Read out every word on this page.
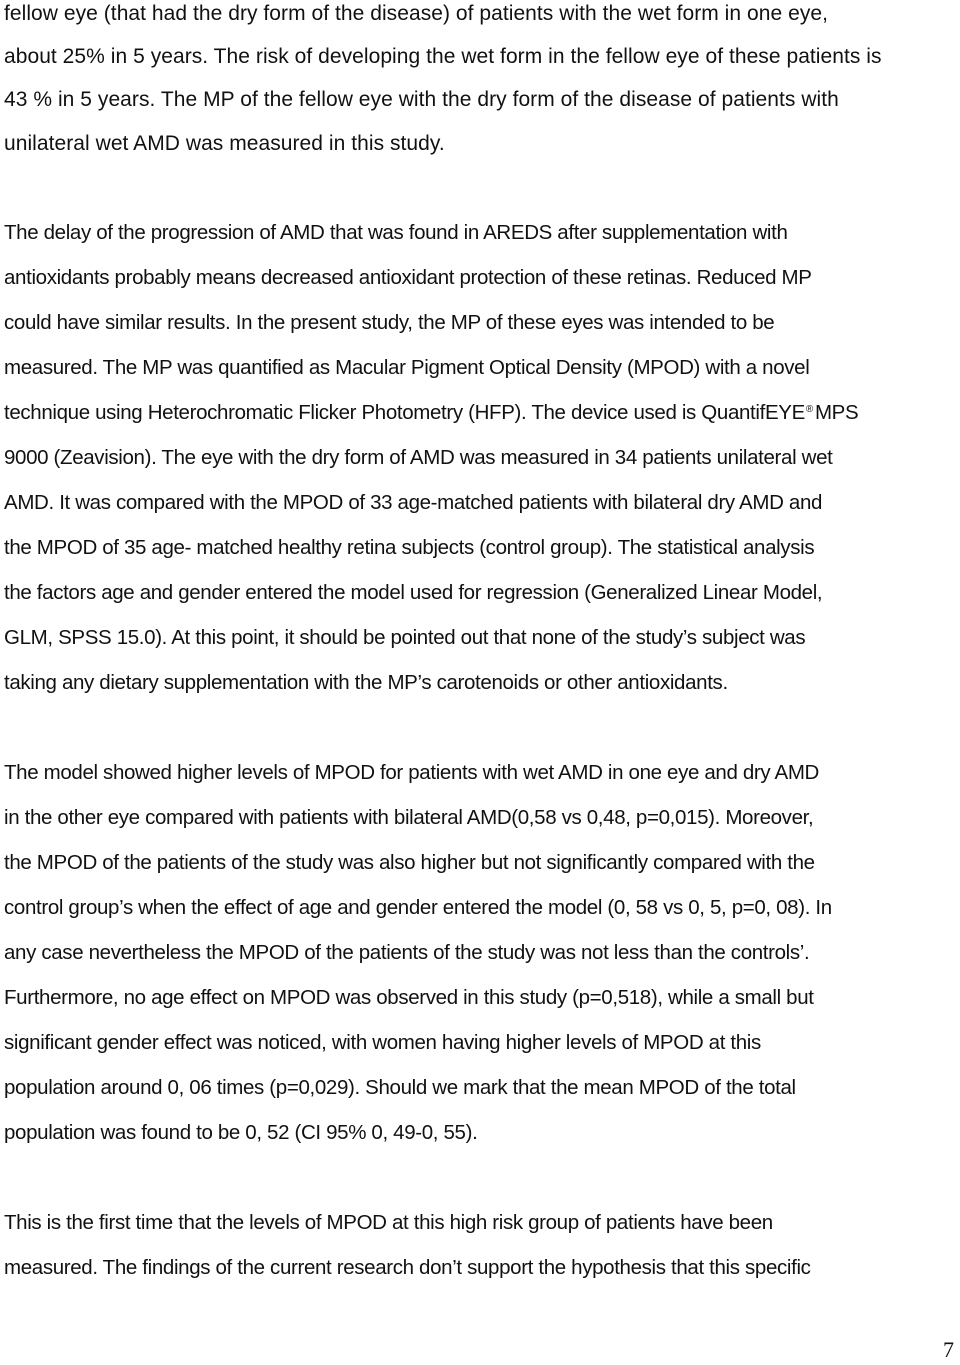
fellow eye (that had the dry form of the disease) of patients with the wet form in one eye,
about 25% in 5 years. The risk of developing the wet form in the fellow eye of these patients is
43 % in 5 years. The MP of the fellow eye with the dry form of the disease of patients with
unilateral wet AMD was measured in this study.
The delay of the progression of AMD that was found in AREDS after supplementation with
antioxidants probably means decreased antioxidant protection of these retinas. Reduced MP
could have similar results. In the present study, the MP of these eyes was intended to be
measured. The MP was quantified as Macular Pigment Optical Density (MPOD) with a novel
technique using Heterochromatic Flicker Photometry (HFP). The device used is QuantifEYE®MPS
9000 (Zeavision). The eye with the dry form of AMD was measured in 34 patients unilateral wet
AMD. It was compared with the MPOD of 33 age-matched patients with bilateral dry AMD and
the MPOD of 35 age- matched healthy retina subjects (control group). The statistical analysis
the factors age and gender entered the model used for regression (Generalized Linear Model,
GLM, SPSS 15.0). At this point, it should be pointed out that none of the study’s subject was
taking any dietary supplementation with the MP’s carotenoids or other antioxidants.
The model showed higher levels of MPOD for patients with wet AMD in one eye and dry AMD
in the other eye compared with patients with bilateral AMD(0,58 vs 0,48, p=0,015). Moreover,
the MPOD of the patients of the study was also higher but not significantly compared with the
control group’s when the effect of age and gender entered the model (0, 58 vs 0, 5, p=0, 08). In
any case nevertheless the MPOD of the patients of the study was not less than the controls’.
Furthermore, no age effect on MPOD was observed in this study (p=0,518), while a small but
significant gender effect was noticed, with women having higher levels of MPOD at this
population around 0, 06 times (p=0,029). Should we mark that the mean MPOD of the total
population was found to be 0, 52 (CI 95% 0, 49-0, 55).
This is the first time that the levels of MPOD at this high risk group of patients have been
measured. The findings of the current research don’t support the hypothesis that this specific
7
